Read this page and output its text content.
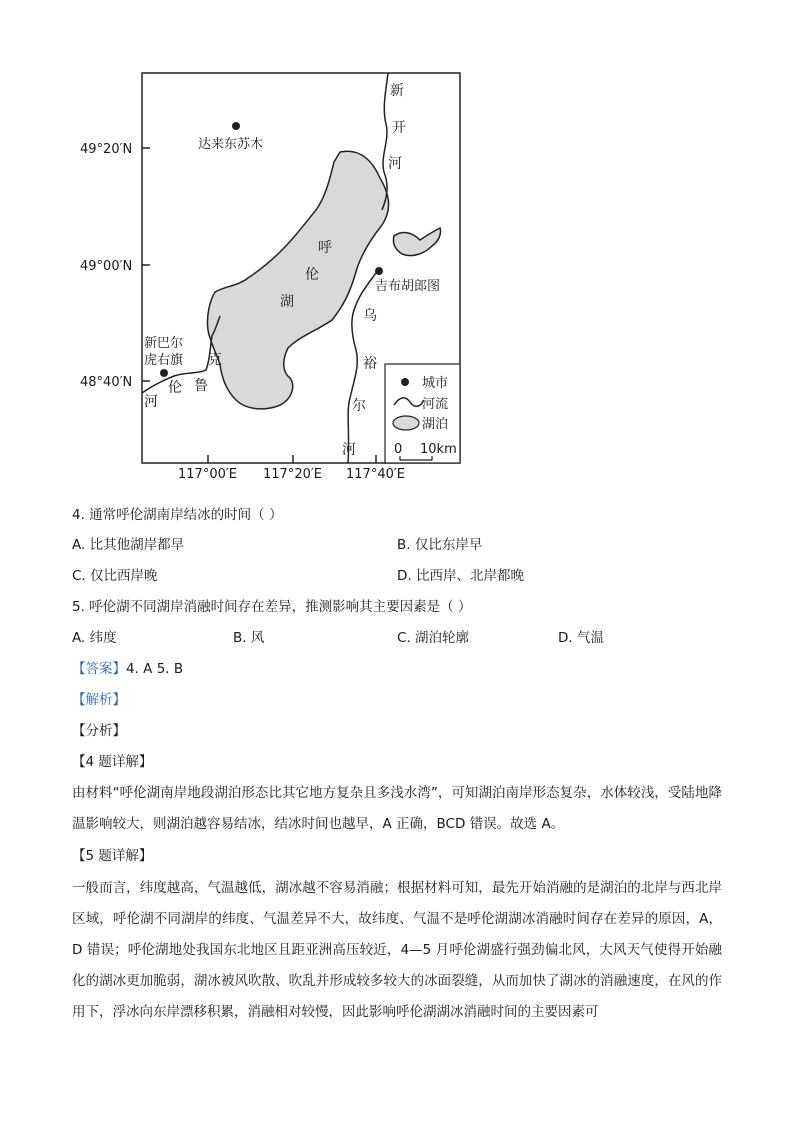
49°20′N
49°00′N
48°40′N
117°00′E 117°20′E 117°40′E
达来东苏木
吉布胡郎图
新巴尔
虎右旗
呼
伦
湖
新
开
河
乌
裕
尔
河
克
鲁
伦
河
城市
河流
湖泊
0 10km
4. 通常呼伦湖南岸结冰的时间（ ）
A. 比其他湖岸都早	B. 仅比东岸早
C. 仅比西岸晚	D. 比西岸、北岸都晚
5. 呼伦湖不同湖岸消融时间存在差异，推测影响其主要因素是（ ）
A. 纬度	B. 风	C. 湖泊轮廓	D. 气温
【答案】4. A 5. B
【解析】
【分析】
【4 题详解】
由材料“呼伦湖南岸地段湖泊形态比其它地方复杂且多浅水湾”，可知湖泊南岸形态复杂，水体较浅，受陆地降温影响较大，则湖泊越容易结冰，结冰时间也越早，A 正确，BCD 错误。故选 A。
【5 题详解】
一般而言，纬度越高，气温越低，湖冰越不容易消融；根据材料可知，最先开始消融的是湖泊的北岸与西北岸区域，呼伦湖不同湖岸的纬度、气温差异不大，故纬度、气温不是呼伦湖湖冰消融时间存在差异的原因，A，D 错误；呼伦湖地处我国东北地区且距亚洲高压较近，4—5 月呼伦湖盛行强劲偏北风，大风天气使得开始融化的湖冰更加脆弱，湖冰被风吹散、吹乱并形成较多较大的冰面裂缝，从而加快了湖冰的消融速度，在风的作用下，浮冰向东岸漂移积累，消融相对较慢，因此影响呼伦湖湖冰消融时间的主要因素可
